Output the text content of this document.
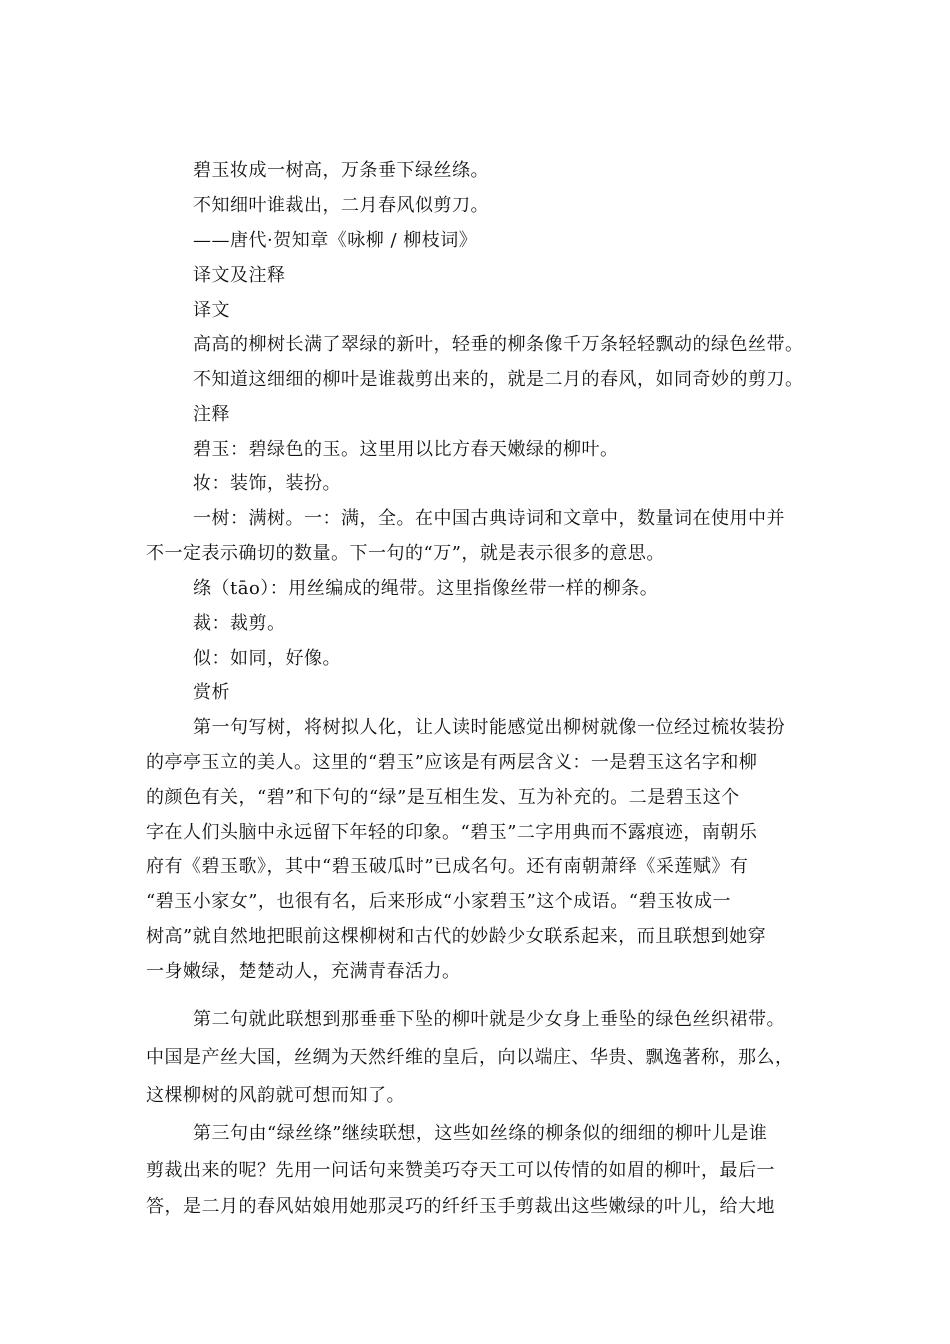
碧玉妆成一树高，万条垂下绿丝绦。
不知细叶谁裁出，二月春风似剪刀。
——唐代·贺知章《咏柳 / 柳枝词》
译文及注释
译文
高高的柳树长满了翠绿的新叶，轻垂的柳条像千万条轻轻飘动的绿色丝带。
不知道这细细的柳叶是谁裁剪出来的，就是二月的春风，如同奇妙的剪刀。
注释
碧玉：碧绿色的玉。这里用以比方春天嫩绿的柳叶。
妆：装饰，装扮。
一树：满树。一：满，全。在中国古典诗词和文章中，数量词在使用中并
不一定表示确切的数量。下一句的“万”，就是表示很多的意思。
绦（tāo）：用丝编成的绳带。这里指像丝带一样的柳条。
裁：裁剪。
似：如同，好像。
赏析
第一句写树，将树拟人化，让人读时能感觉出柳树就像一位经过梳妆装扮
的亭亭玉立的美人。这里的“碧玉”应该是有两层含义：一是碧玉这名字和柳
的颜色有关，“碧”和下句的“绿”是互相生发、互为补充的。二是碧玉这个
字在人们头脑中永远留下年轻的印象。“碧玉”二字用典而不露痕迹，南朝乐
府有《碧玉歌》，其中“碧玉破瓜时”已成名句。还有南朝萧绎《采莲赋》有
“碧玉小家女”，也很有名，后来形成“小家碧玉”这个成语。“碧玉妆成一
树高”就自然地把眼前这棵柳树和古代的妙龄少女联系起来，而且联想到她穿
一身嫩绿，楚楚动人，充满青春活力。
第二句就此联想到那垂垂下坠的柳叶就是少女身上垂坠的绿色丝织裙带。
中国是产丝大国，丝绸为天然纤维的皇后，向以端庄、华贵、飘逸著称，那么，
这棵柳树的风韵就可想而知了。
第三句由“绿丝绦”继续联想，这些如丝绦的柳条似的细细的柳叶儿是谁
剪裁出来的呢？先用一问话句来赞美巧夺天工可以传情的如眉的柳叶，最后一
答，是二月的春风姑娘用她那灵巧的纤纤玉手剪裁出这些嫩绿的叶儿，给大地
